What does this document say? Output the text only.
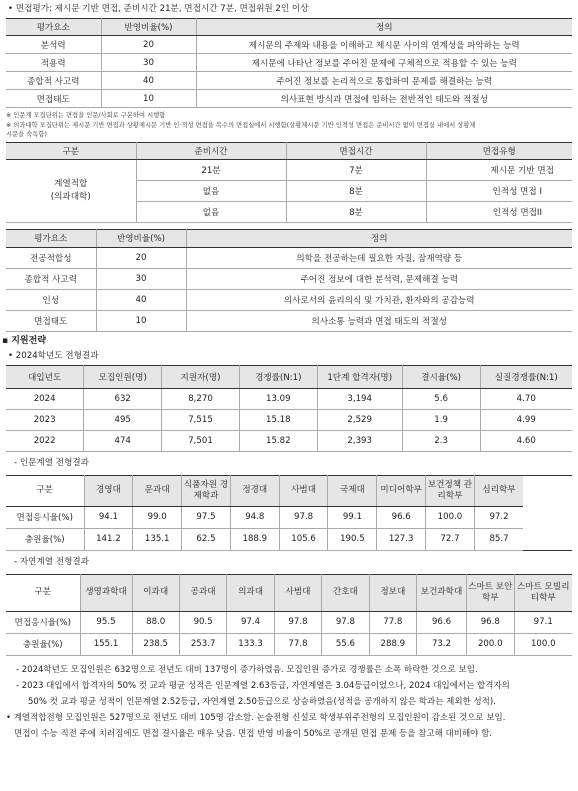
• 면접평가: 제시문 기반 면접, 준비시간 21분, 면접시간 7분, 면접위원 2인 이상
평가요소	반영비율(%)	정의
분석력	20	제시문의 주제와 내용을 이해하고 제시문 사이의 연계성을 파악하는 능력
적용력	30	제시문에 나타난 정보를 주어진 문제에 구체적으로 적용할 수 있는 능력
종합적 사고력	40	주어진 정보를 논리적으로 통합하여 문제를 해결하는 능력
면접태도	10	의사표현 방식과 면접에 임하는 전반적인 태도와 적절성
※ 인문계 모집단위는 면접을 인문/사회로 구분하여 시행함
※ 의과대학 모집단위는 제시문 기반 면접과 상황제시문 기반 인·적성 면접을 복수의 면접실에서 시행함(상황제시문 기반 인적성 면접은 준비시간 없이 면접실 내에서 상황제
시문을 숙독함)
구분	준비시간	면접시간	면접유형
계열적합
(의과대학)	21분	7분	제시문 기반 면접
	없음	8분	인적성 면접 I
	없음	8분	인적성 면접II
평가요소	반영비율(%)	정의
전공적합성	20	의학을 전공하는데 필요한 자질, 잠재역량 등
종합적 사고력	30	주어진 정보에 대한 분석력, 문제해결 능력
인성	40	의사로서의 윤리의식 및 가치관, 환자와의 공감능력
면접태도	10	의사소통 능력과 면접 태도의 적절성
▪ 지원전략
• 2024학년도 전형결과
대입년도	모집인원(명)	지원자(명)	경쟁률(N:1)	1단계 합격자(명)	결시율(%)	실질경쟁률(N:1)
2024	632	8,270	13.09	3,194	5.6	4.70
2023	495	7,515	15.18	2,529	1.9	4.99
2022	474	7,501	15.82	2,393	2.3	4.60
- 인문계열 전형결과
구분	경영대	문과대	식품자원 경제학과	정경대	사범대	국제대	미디어학부	보건정책 관리학부	심리학부
면접응시율(%)	94.1	99.0	97.5	94.8	97.8	99.1	96.6	100.0	97.2
충원율(%)	141.2	135.1	62.5	188.9	105.6	190.5	127.3	72.7	85.7
- 자연계열 전형결과
구분	생명과학대	이과대	공과대	의과대	사범대	간호대	정보대	보건과학대	스마트 보안학부	스마트 모빌리티학부
면접응시율(%)	95.5	88.0	90.5	97.4	97.8	97.8	77.8	96.6	96.8	97.1
충원율(%)	155.1	238.5	253.7	133.3	77.8	55.6	288.9	73.2	200.0	100.0
- 2024학년도 모집인원은 632명으로 전년도 대비 137명이 증가하였음. 모집인원 증가로 경쟁률은 소폭 하락한 것으로 보임.
- 2023 대입에서 합격자의 50% 컷 교과 평균 성적은 인문계열 2.63등급, 자연계열은 3.04등급이었으나, 2024 대입에서는 합격자의
50% 컷 교과 평균 성적이 인문계열 2.52등급, 자연계열 2.50등급으로 상승하였음(성적을 공개하지 않은 학과는 제외한 성적).
• 계열적합전형 모집인원은 527명으로 전년도 대비 105명 감소함. 논술전형 신설로 학생부위주전형의 모집인원이 감소된 것으로 보임.
면접이 수능 직전 주에 치러짐에도 면접 결시율은 매우 낮음. 면접 반영 비율이 50%로 공개된 면접 문제 등을 참고해 대비해야 함.
